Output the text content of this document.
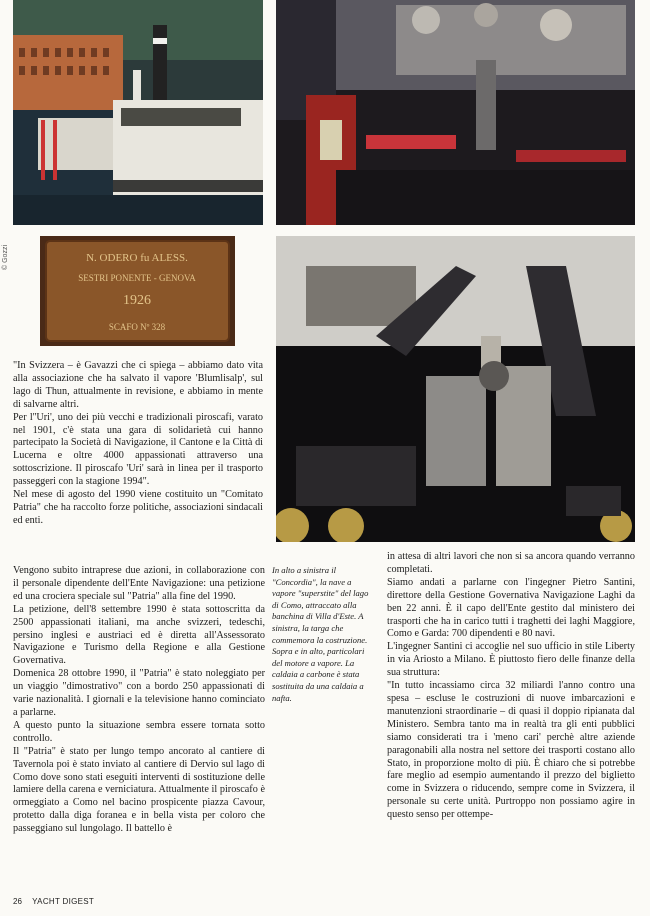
© Gozzi	N. ODERO fu ALESS.
SESTRI PONENTE - GENOVA
1926
SCAFO Nº 328

"In Svizzera – è Gavazzi che ci spiega – abbiamo dato vita alla associazione che ha salvato il vapore 'Blumlisalp', sul lago di Thun, attualmente in revisione, e abbiamo in mente di salvarne altri.

Per l''Uri', uno dei più vecchi e tradizionali piroscafi, varato nel 1901, c'è stata una gara di solidarietà cui hanno partecipato la Società di Navigazione, il Cantone e la Città di Lucerna e oltre 4000 appassionati attraverso una sottoscrizione. Il piroscafo 'Uri' sarà in linea per il trasporto passeggeri con la stagione 1994".

Nel mese di agosto del 1990 viene costituito un "Comitato Patria" che ha raccolto forze politiche, associazioni sindacali ed enti.

Vengono subito intraprese due azioni, in collaborazione con il personale dipendente dell'Ente Navigazione: una petizione ed una crociera speciale sul "Patria" alla fine del 1990.

La petizione, dell'8 settembre 1990 è stata sottoscritta da 2500 appassionati italiani, ma anche svizzeri, tedeschi, persino inglesi e austriaci ed è diretta all'Assessorato Navigazione e Turismo della Regione e alla Gestione Governativa.

Domenica 28 ottobre 1990, il "Patria" è stato noleggiato per un viaggio "dimostrativo" con a bordo 250 appassionati di varie nazionalità. I giornali e la televisione hanno cominciato a parlarne.

A questo punto la situazione sembra essere tornata sotto controllo.

Il "Patria" è stato per lungo tempo ancorato al cantiere di Tavernola poi è stato inviato al cantiere di Dervio sul lago di Como dove sono stati eseguiti interventi di sostituzione delle lamiere della carena e verniciatura. Attualmente il piroscafo è ormeggiato a Como nel bacino prospicente piazza Cavour, protetto dalla diga foranea e in bella vista per coloro che passeggiano sul lungolago. Il battello è

In alto a sinistra il "Concordia", la nave a vapore "superstite" del lago di Como, attraccato alla banchina di Villa d'Este. A sinistra, la targa che commemora la costruzione. Sopra e in alto, particolari del motore a vapore. La caldaia a carbone è stata sostituita da una caldaia a nafta.

in attesa di altri lavori che non si sa ancora quando verranno completati.

Siamo andati a parlarne con l'ingegner Pietro Santini, direttore della Gestione Governativa Navigazione Laghi da ben 22 anni. È il capo dell'Ente gestito dal ministero dei trasporti che ha in carico tutti i traghetti dei laghi Maggiore, Como e Garda: 700 dipendenti e 80 navi.

L'ingegner Santini ci accoglie nel suo ufficio in stile Liberty in via Ariosto a Milano. È piuttosto fiero delle finanze della sua struttura:

"In tutto incassiamo circa 32 miliardi l'anno contro una spesa – escluse le costruzioni di nuove imbarcazioni e manutenzioni straordinarie – di quasi il doppio ripianata dal Ministero. Sembra tanto ma in realtà tra gli enti pubblici siamo considerati tra i 'meno cari' perchè altre aziende paragonabili alla nostra nel settore dei trasporti costano allo Stato, in proporzione molto di più. È chiaro che si potrebbe fare meglio ad esempio aumentando il prezzo del biglietto come in Svizzera o riducendo, sempre come in Svizzera, il personale su certe unità. Purtroppo non possiamo agire in questo senso per ottempe-

26 YACHT DIGEST
